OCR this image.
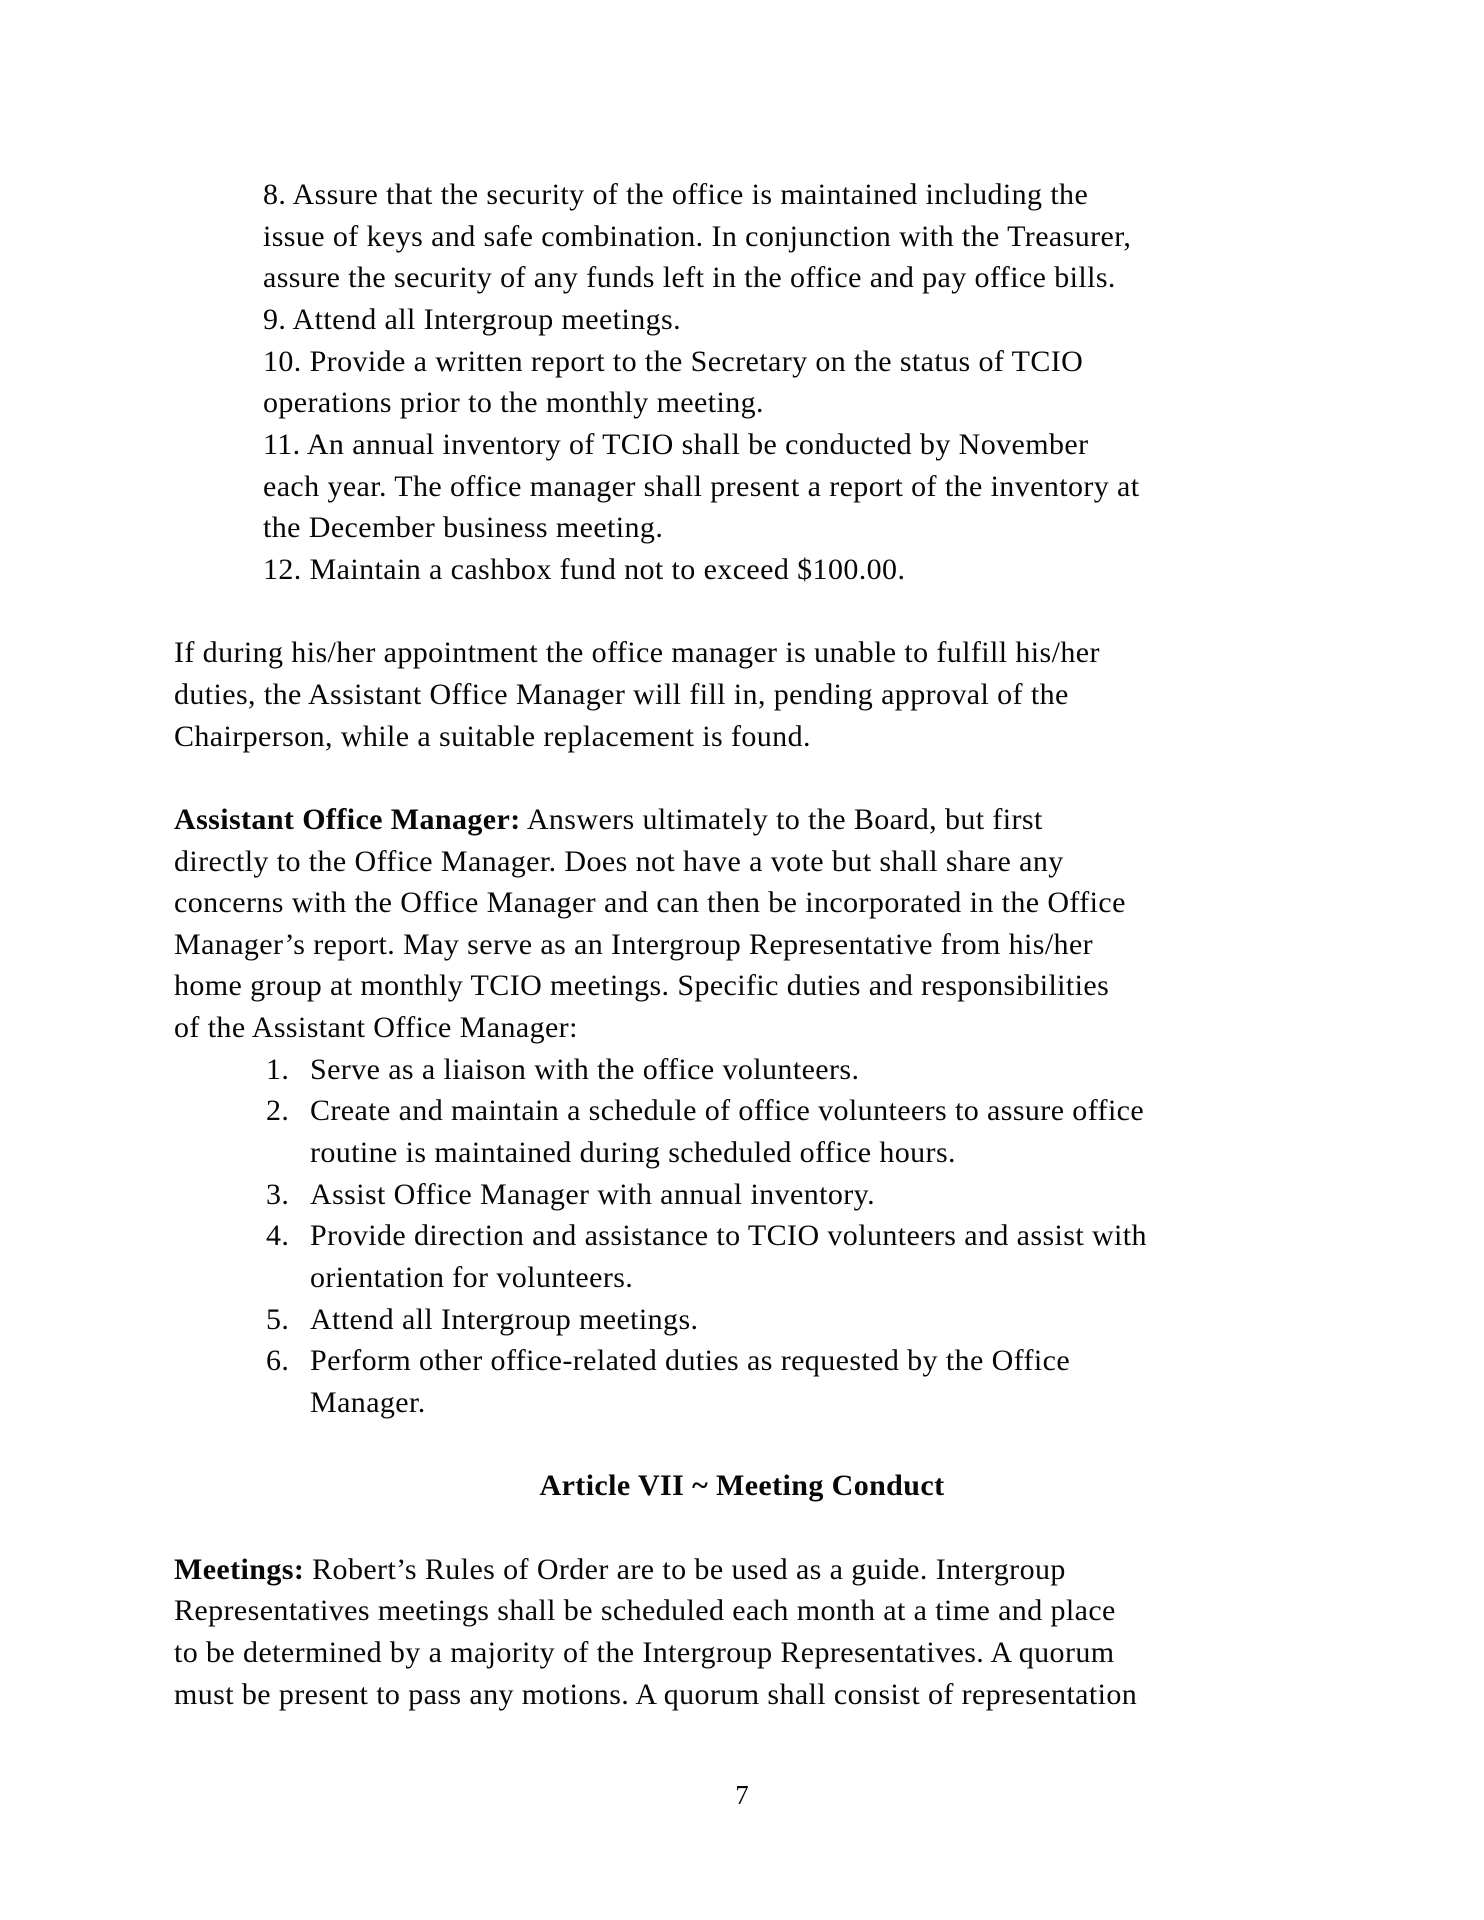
8. Assure that the security of the office is maintained including the
issue of keys and safe combination. In conjunction with the Treasurer,
assure the security of any funds left in the office and pay office bills.
9. Attend all Intergroup meetings.
10. Provide a written report to the Secretary on the status of TCIO
operations prior to the monthly meeting.
11. An annual inventory of TCIO shall be conducted by November
each year. The office manager shall present a report of the inventory at
the December business meeting.
12. Maintain a cashbox fund not to exceed $100.00.
If during his/her appointment the office manager is unable to fulfill his/her
duties, the Assistant Office Manager will fill in, pending approval of the
Chairperson, while a suitable replacement is found.
Assistant Office Manager: Answers ultimately to the Board, but first
directly to the Office Manager. Does not have a vote but shall share any
concerns with the Office Manager and can then be incorporated in the Office
Manager’s report. May serve as an Intergroup Representative from his/her
home group at monthly TCIO meetings. Specific duties and responsibilities
of the Assistant Office Manager:
1. Serve as a liaison with the office volunteers.
2. Create and maintain a schedule of office volunteers to assure office
routine is maintained during scheduled office hours.
3. Assist Office Manager with annual inventory.
4. Provide direction and assistance to TCIO volunteers and assist with
orientation for volunteers.
5. Attend all Intergroup meetings.
6. Perform other office-related duties as requested by the Office
Manager.
Article VII ~ Meeting Conduct
Meetings: Robert’s Rules of Order are to be used as a guide. Intergroup
Representatives meetings shall be scheduled each month at a time and place
to be determined by a majority of the Intergroup Representatives. A quorum
must be present to pass any motions. A quorum shall consist of representation
7
